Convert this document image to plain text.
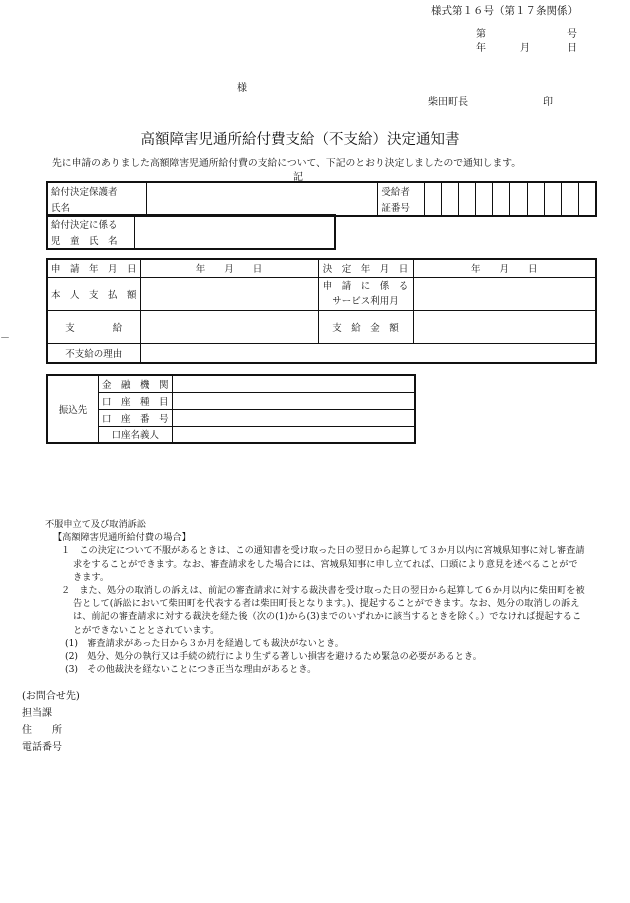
様式第１６号（第１７条関係）
第	号
年	月	日
様
柴田町長	印
高額障害児通所給付費支給（不支給）決定通知書
先に申請のありました高額障害児通所給付費の支給について、下記のとおり決定しましたので通知します。
記
－
給付決定保護者		受給者										
氏名		証番号										
給付決定に係る	
児　童　氏　名
申　請　年　月　日	年　　月　　日	決　定　年　月　日	年　　月　　日
本　人　支　払　額		申　請　に　係　る
サービス利用月	

支　　　　給		支　給　金　額	
不支給の理由			
振込先	金　融　機　関	
	口　座　種　目	
	口　座　番　号	
	口座名義人	

不服申立て及び取消訴訟

【高額障害児通所給付費の場合】

１　この決定について不服があるときは、この通知書を受け取った日の翌日から起算して３か月以内に宮城県知事に対し審査請求をすることができます。なお、審査請求をした場合には、宮城県知事に申し立てれば、口頭により意見を述べることができます。

２　また、処分の取消しの訴えは、前記の審査請求に対する裁決書を受け取った日の翌日から起算して６か月以内に柴田町を被告として(訴訟において柴田町を代表する者は柴田町長となります。)、提起することができます。なお、処分の取消しの訴えは、前記の審査請求に対する裁決を経た後（次の(1)から(3)までのいずれかに該当するときを除く。）でなければ提起することができないこととされています。

(1)　審査請求があった日から３か月を経過しても裁決がないとき。

(2)　処分、処分の執行又は手続の続行により生ずる著しい損害を避けるため緊急の必要があるとき。

(3)　その他裁決を経ないことにつき正当な理由があるとき。

(お問合せ先)
担当課
住　　所
電話番号
